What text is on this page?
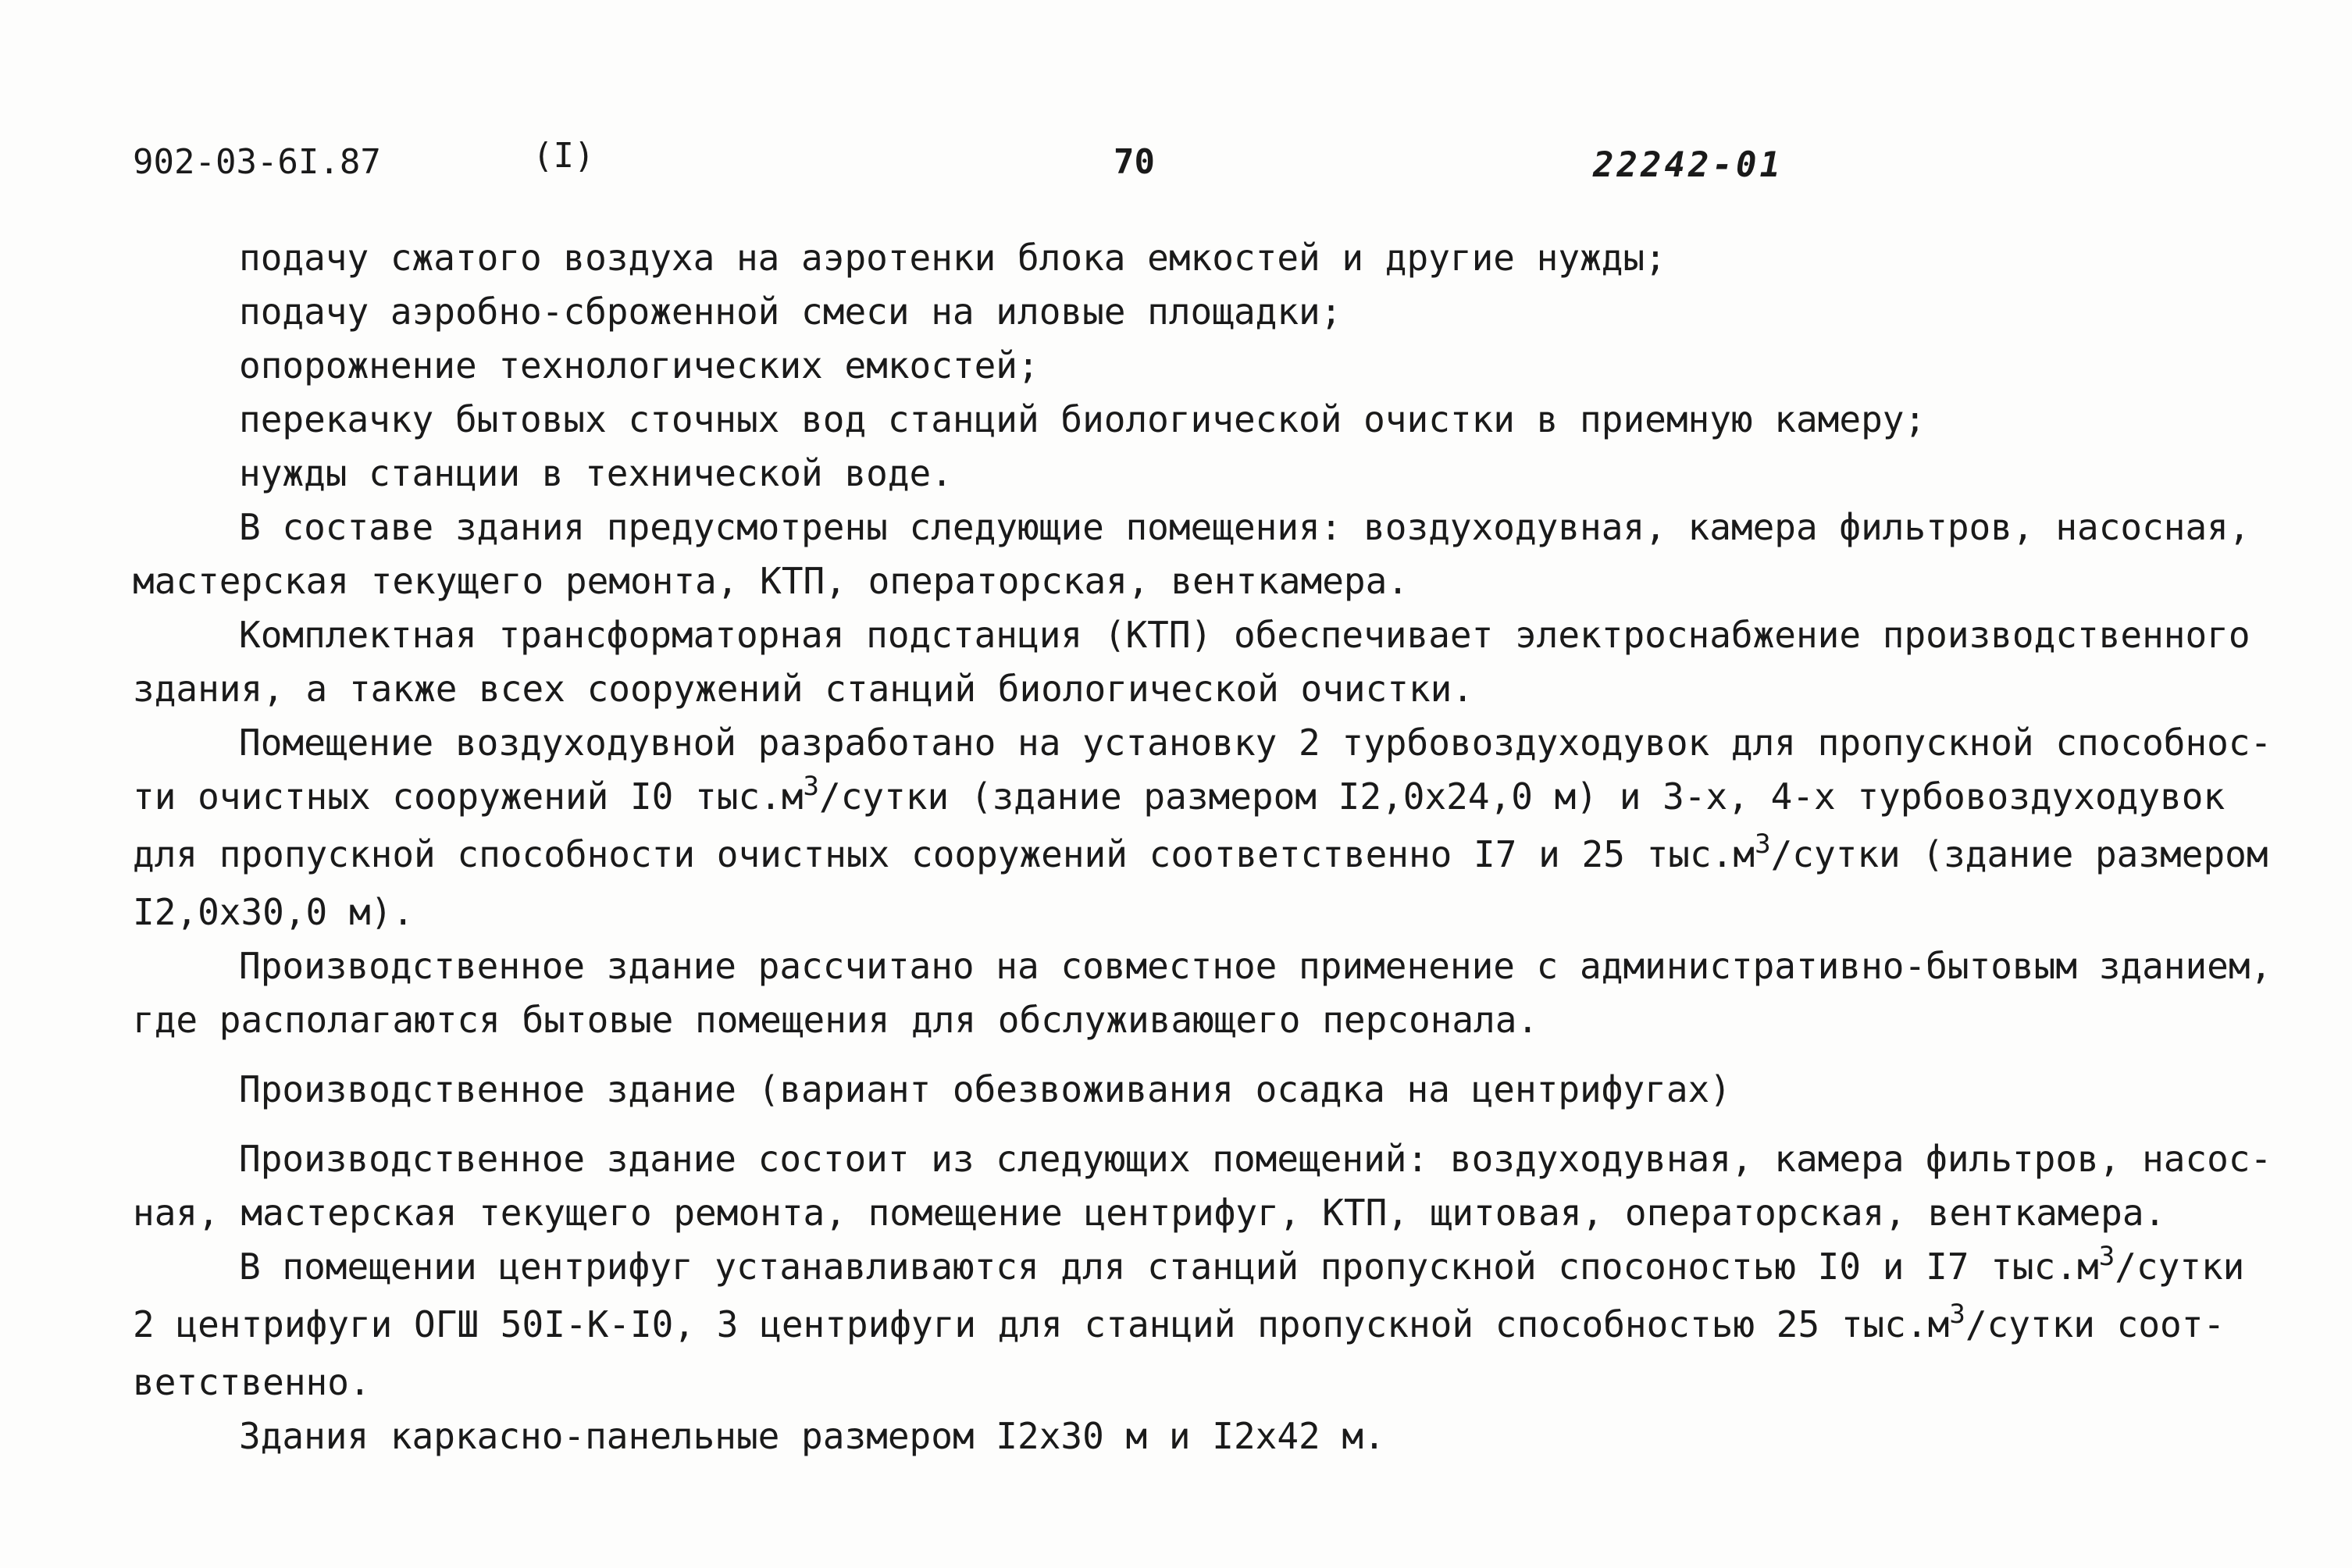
902-03-6I.87	(I)	70	22242-01

подачу сжатого воздуха на аэротенки блока емкостей и другие нужды;

подачу аэробно-сброженной смеси на иловые площадки;

опорожнение технологических емкостей;

перекачку бытовых сточных вод станций биологической очистки в приемную камеру;

нужды станции в технической воде.

В составе здания предусмотрены следующие помещения: воздуходувная, камера фильтров, насосная,

мастерская текущего ремонта, КТП, операторская, венткамера.

Комплектная трансформаторная подстанция (КТП) обеспечивает электроснабжение производственного

здания, а также всех сооружений станций биологической очистки.

Помещение воздуходувной разработано на установку 2 турбовоздуходувок для пропускной способнос-

ти очистных сооружений I0 $тыс.м^3$/сутки (здание размером I2,0x24,0 м) и 3-х, 4-х турбовоздуходувок

для пропускной способности очистных сооружений соответственно I7 и 25 $тыс.м^3$/сутки (здание размером

I2,0x30,0 м).

Производственное здание рассчитано на совместное применение с административно-бытовым зданием,

где располагаются бытовые помещения для обслуживающего персонала.

Производственное здание (вариант обезвоживания осадка на центрифугах)

Производственное здание состоит из следующих помещений: воздуходувная, камера фильтров, насос-

ная, мастерская текущего ремонта, помещение центрифуг, КТП, щитовая, операторская, венткамера.

В помещении центрифуг устанавливаются для станций пропускной спосоностью I0 и I7 $тыс.м^3$/сутки

2 центрифуги ОГШ 50I-К-I0, 3 центрифуги для станций пропускной способностью 25 $тыс.м^3$/сутки соот-

ветственно.

Здания каркасно-панельные размером I2x30 м и I2x42 м.
